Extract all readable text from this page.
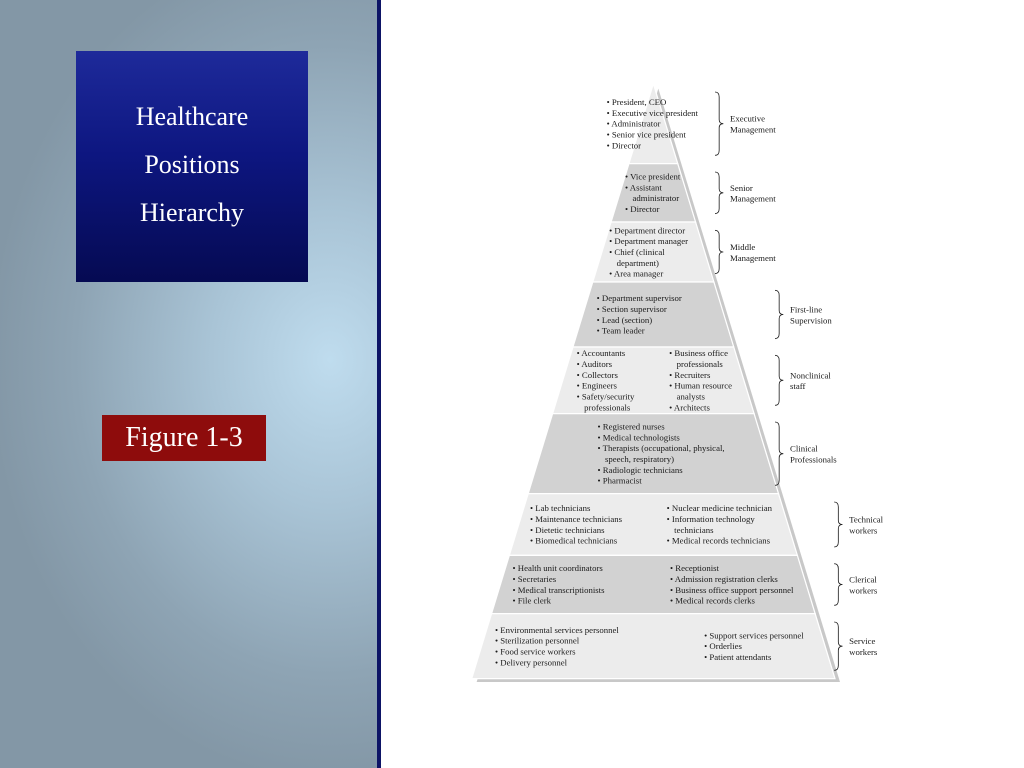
Healthcare
Positions
Hierarchy
Figure 1-3
• President, CEO
• Executive vice president
• Administrator
• Senior vice president
• Director
Executive
Management
• Vice president
• Assistant
administrator
• Director
Senior
Management
• Department director
• Department manager
• Chief (clinical
department)
• Area manager
Middle
Management
• Department supervisor
• Section supervisor
• Lead (section)
• Team leader
First-line
Supervision
• Accountants
• Auditors
• Collectors
• Engineers
• Safety/security
professionals
• Business office
professionals
• Recruiters
• Human resource
analysts
• Architects
Nonclinical
staff
• Registered nurses
• Medical technologists
• Therapists (occupational, physical,
speech, respiratory)
• Radiologic technicians
• Pharmacist
Clinical
Professionals
• Lab technicians
• Maintenance technicians
• Dietetic technicians
• Biomedical technicians
• Nuclear medicine technician
• Information technology
technicians
• Medical records technicians
Technical
workers
• Health unit coordinators
• Secretaries
• Medical transcriptionists
• File clerk
• Receptionist
• Admission registration clerks
• Business office support personnel
• Medical records clerks
Clerical
workers
• Environmental services personnel
• Sterilization personnel
• Food service workers
• Delivery personnel
• Support services personnel
• Orderlies
• Patient attendants
Service
workers
